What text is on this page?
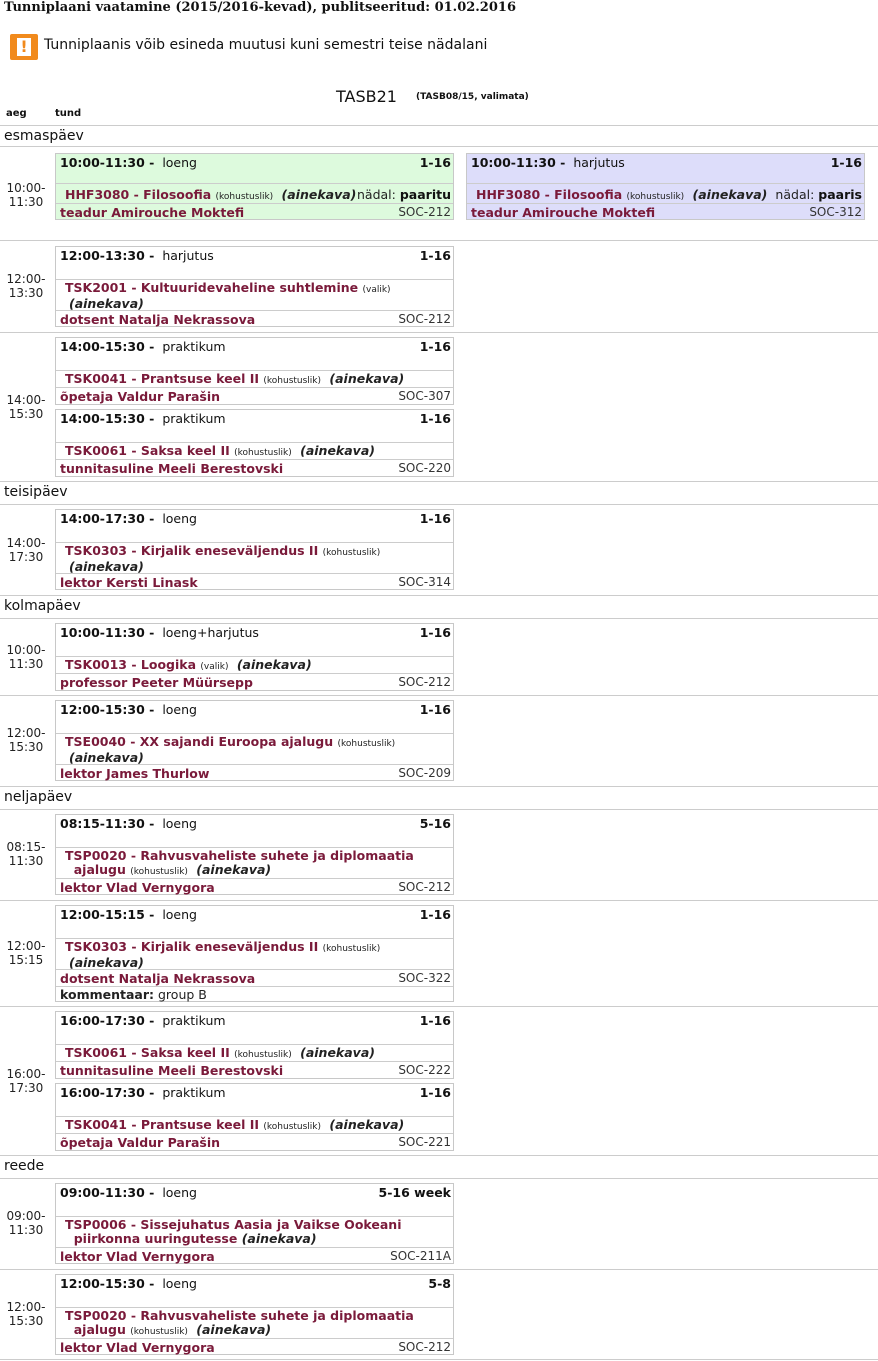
Tunniplaani vaatamine (2015/2016-kevad), publitseeritud: 01.02.2016
! Tunniplaanis võib esineda muutusi kuni semestri teise nädalani
TASB21 (TASB08/15, valimata)
aeg	tund
esmaspäev
10:00-
11:30
10:00-11:30 - loeng	1-16
HHF3080 - Filosoofia (kohustuslik) (ainekava) nädal: paaritu
teadur Amirouche Moktefi	SOC-212
10:00-11:30 - harjutus	1-16
HHF3080 - Filosoofia (kohustuslik) (ainekava) nädal: paaris
teadur Amirouche Moktefi	SOC-312
12:00-
13:30
12:00-13:30 - harjutus	1-16
TSK2001 - Kultuuridevaheline suhtlemine (valik)
(ainekava)
dotsent Natalja Nekrassova	SOC-212
14:00-
15:30
14:00-15:30 - praktikum	1-16
TSK0041 - Prantsuse keel II (kohustuslik) (ainekava)
õpetaja Valdur Parašin	SOC-307
14:00-15:30 - praktikum	1-16
TSK0061 - Saksa keel II (kohustuslik) (ainekava)
tunnitasuline Meeli Berestovski	SOC-220
teisipäev
14:00-
17:30
14:00-17:30 - loeng	1-16
TSK0303 - Kirjalik eneseväljendus II (kohustuslik)
(ainekava)
lektor Kersti Linask	SOC-314
kolmapäev
10:00-
11:30
10:00-11:30 - loeng+harjutus	1-16
TSK0013 - Loogika (valik) (ainekava)
professor Peeter Müürsepp	SOC-212
12:00-
15:30
12:00-15:30 - loeng	1-16
TSE0040 - XX sajandi Euroopa ajalugu (kohustuslik)
(ainekava)
lektor James Thurlow	SOC-209
neljapäev
08:15-
11:30
08:15-11:30 - loeng	5-16
TSP0020 - Rahvusvaheliste suhete ja diplomaatia
ajalugu (kohustuslik) (ainekava)
lektor Vlad Vernygora	SOC-212
12:00-
15:15
12:00-15:15 - loeng	1-16
TSK0303 - Kirjalik eneseväljendus II (kohustuslik)
(ainekava)
dotsent Natalja Nekrassova	SOC-322
kommentaar: group B
16:00-
17:30
16:00-17:30 - praktikum	1-16
TSK0061 - Saksa keel II (kohustuslik) (ainekava)
tunnitasuline Meeli Berestovski	SOC-222
16:00-17:30 - praktikum	1-16
TSK0041 - Prantsuse keel II (kohustuslik) (ainekava)
õpetaja Valdur Parašin	SOC-221
reede
09:00-
11:30
09:00-11:30 - loeng	5-16 week
TSP0006 - Sissejuhatus Aasia ja Vaikse Ookeani
piirkonna uuringutesse (ainekava)
lektor Vlad Vernygora	SOC-211A
12:00-
15:30
12:00-15:30 - loeng	5-8
TSP0020 - Rahvusvaheliste suhete ja diplomaatia
ajalugu (kohustuslik) (ainekava)
lektor Vlad Vernygora	SOC-212
